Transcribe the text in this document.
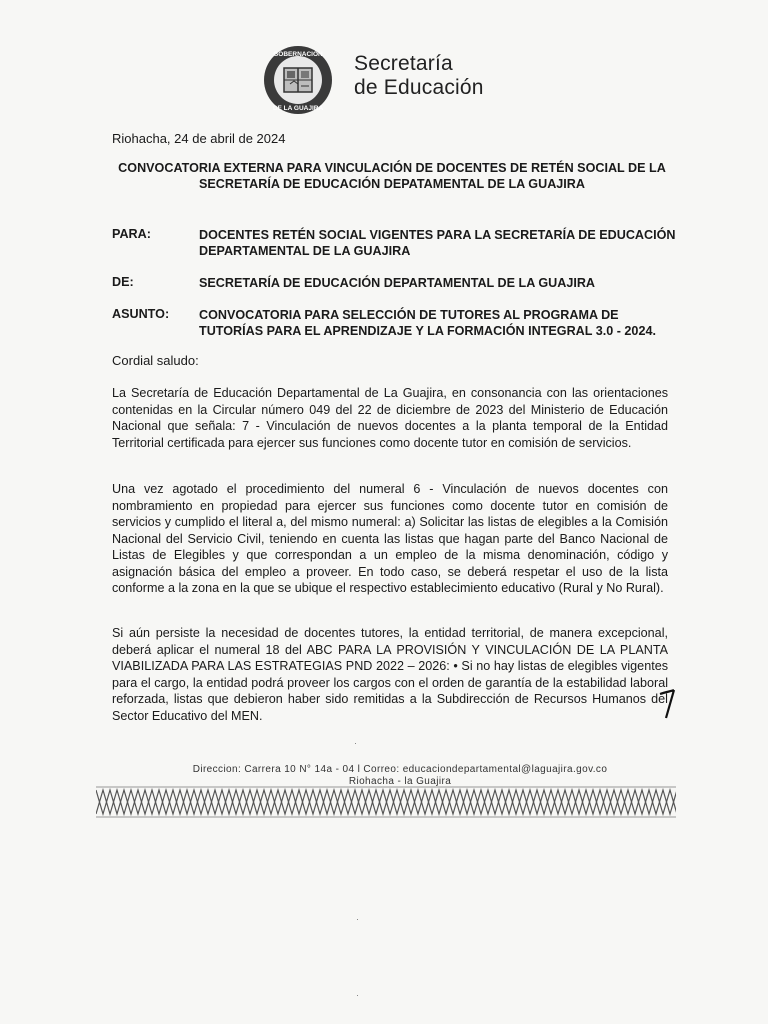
GOBERNACIÓN
DE LA GUAJIRA
Secretaría
de Educación
Riohacha, 24 de abril de 2024
CONVOCATORIA EXTERNA PARA VINCULACIÓN DE DOCENTES DE RETÉN SOCIAL DE LA
SECRETARÍA DE EDUCACIÓN DEPATAMENTAL DE LA GUAJIRA
PARA:	DOCENTES RETÉN SOCIAL VIGENTES PARA LA SECRETARÍA DE EDUCACIÓN DEPARTAMENTAL DE LA GUAJIRA
DE:	SECRETARÍA DE EDUCACIÓN DEPARTAMENTAL DE LA GUAJIRA
ASUNTO: CONVOCATORIA PARA SELECCIÓN DE TUTORES AL PROGRAMA DE TUTORÍAS PARA EL APRENDIZAJE Y LA FORMACIÓN INTEGRAL 3.0 - 2024.
Cordial saludo:
La Secretaría de Educación Departamental de La Guajira, en consonancia con las orientaciones contenidas en la Circular número 049 del 22 de diciembre de 2023 del Ministerio de Educación Nacional que señala: 7 - Vinculación de nuevos docentes a la planta temporal de la Entidad Territorial certificada para ejercer sus funciones como docente tutor en comisión de servicios.
Una vez agotado el procedimiento del numeral 6 - Vinculación de nuevos docentes con nombramiento en propiedad para ejercer sus funciones como docente tutor en comisión de servicios y cumplido el literal a, del mismo numeral: a) Solicitar las listas de elegibles a la Comisión Nacional del Servicio Civil, teniendo en cuenta las listas que hagan parte del Banco Nacional de Listas de Elegibles y que correspondan a un empleo de la misma denominación, código y asignación básica del empleo a proveer. En todo caso, se deberá respetar el uso de la lista conforme a la zona en la que se ubique el respectivo establecimiento educativo (Rural y No Rural).
Si aún persiste la necesidad de docentes tutores, la entidad territorial, de manera excepcional, deberá aplicar el numeral 18 del ABC PARA LA PROVISIÓN Y VINCULACIÓN DE LA PLANTA VIABILIZADA PARA LAS ESTRATEGIAS PND 2022 – 2026: • Si no hay listas de elegibles vigentes para el cargo, la entidad podrá proveer los cargos con el orden de garantía de la estabilidad laboral reforzada, listas que debieron haber sido remitidas a la Subdirección de Recursos Humanos del Sector Educativo del MEN.
Direccion: Carrera 10 N° 14a - 04 l Correo: educaciondepartamental@laguajira.gov.co
Riohacha - la Guajira
·
·
·
